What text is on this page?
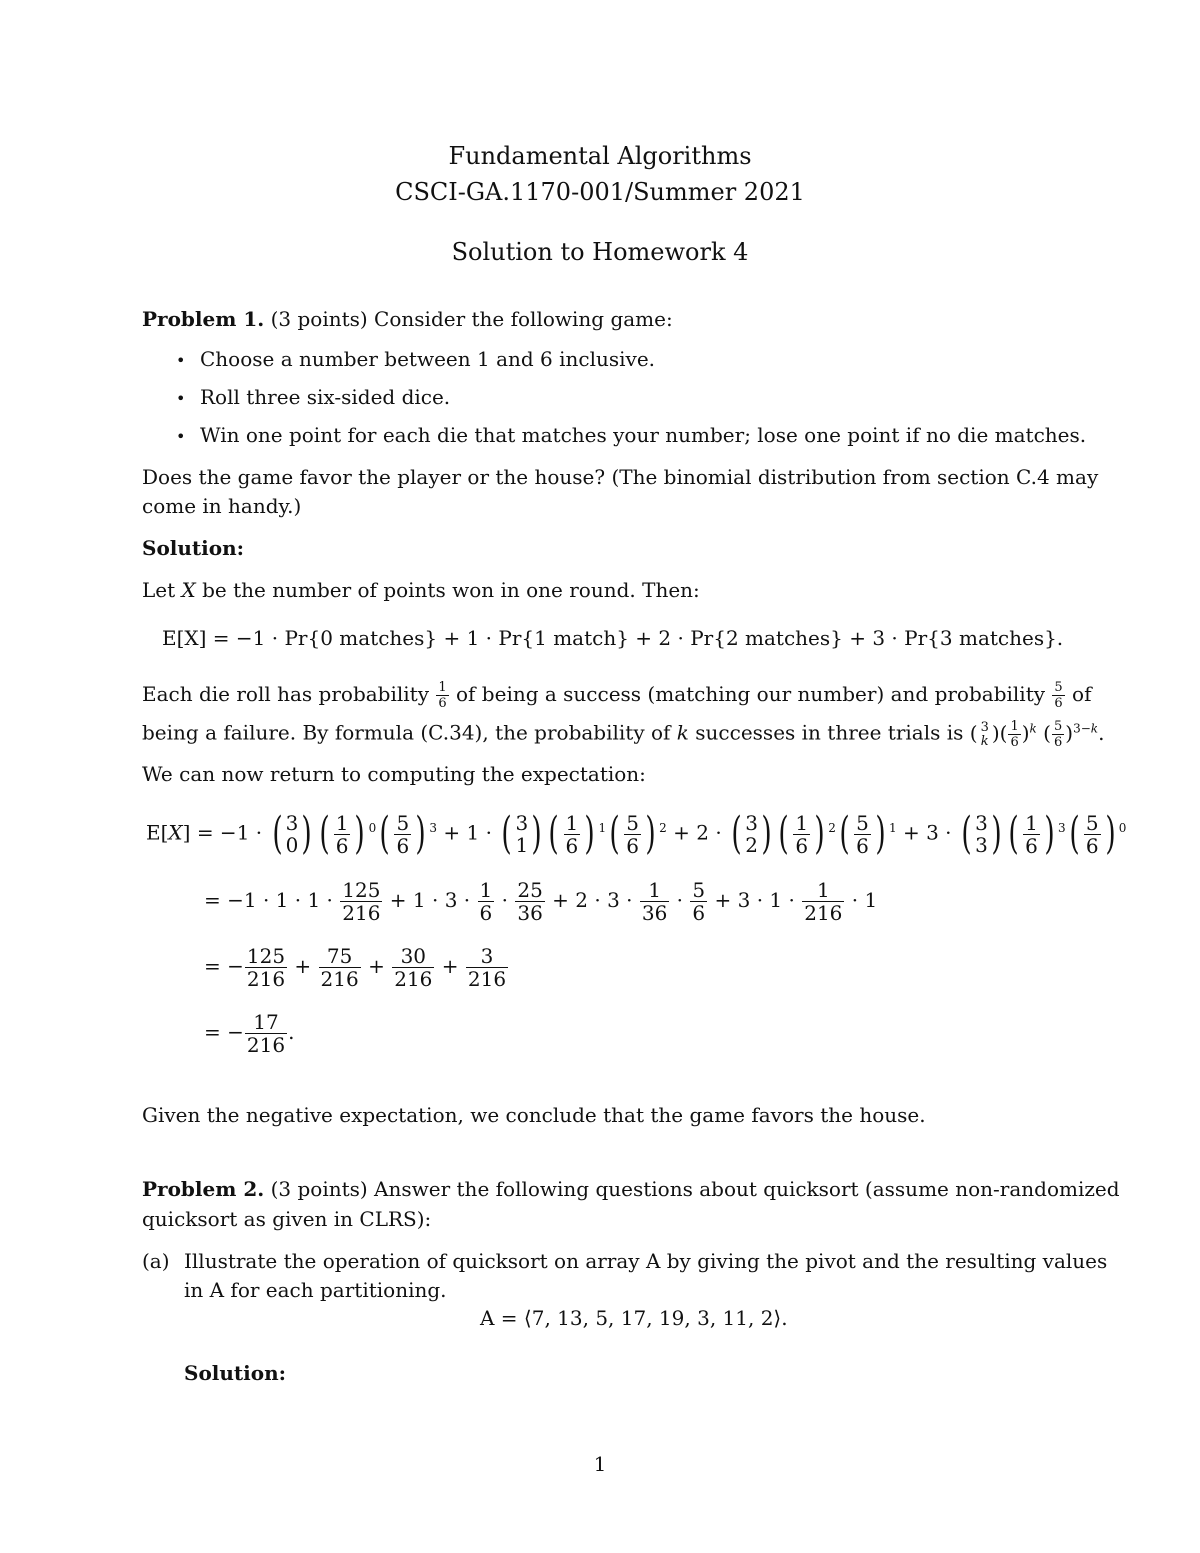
Fundamental Algorithms
CSCI-GA.1170-001/Summer 2021
Solution to Homework 4
Problem 1. (3 points) Consider the following game:
• Choose a number between 1 and 6 inclusive.
• Roll three six-sided dice.
• Win one point for each die that matches your number; lose one point if no die matches.
Does the game favor the player or the house? (The binomial distribution from section C.4 may
come in handy.)
Solution:
Let X be the number of points won in one round. Then:
E[X] = −1 · Pr{0 matches} + 1 · Pr{1 match} + 2 · Pr{2 matches} + 3 · Pr{3 matches}.
Each die roll has probability $\frac{1}{6}$ of being a success (matching our number) and probability $\frac{5}{6}$ of
being a failure. By formula (C.34), the probability of k successes in three trials is ( 3
k )( $\frac{1}{6} )^k$ ( $\frac{5}{6} )^{3-k}$.
We can now return to computing the expectation:
E[X] = −1 · ( 3
0 ) ( $\frac{1}{6}$ ) $^0( \frac{5}{6}$ ) $^3$ + 1 · ( 3
1 ) ( $\frac{1}{6}$ ) $^1( \frac{5}{6}$ ) $^2$ + 2 · ( 3
2 ) ( $\frac{1}{6}$ ) $^2( \frac{5}{6}$ ) $^1$ + 3 · ( 3
3 ) ( $\frac{1}{6}$ ) $^3( \frac{5}{6}$ ) $^0$
= $-1 \cdot 1 \cdot 1 \cdot \frac{125}{216} + 1 \cdot 3 \cdot \frac{1}{6} \cdot \frac{25}{36} + 2 \cdot 3 \cdot \frac{1}{36} \cdot \frac{5}{6} + 3 \cdot 1 \cdot \frac{1}{216} \cdot 1$
= − $\frac{125}{216} + \frac{75}{216} + \frac{30}{216} + \frac{3}{216}$
= − $\frac{17}{216}$ .
Given the negative expectation, we conclude that the game favors the house.
Problem 2. (3 points) Answer the following questions about quicksort (assume non-randomized
quicksort as given in CLRS):
(a) Illustrate the operation of quicksort on array A by giving the pivot and the resulting values
in A for each partitioning.
A = ⟨7, 13, 5, 17, 19, 3, 11, 2⟩.
Solution:
1
